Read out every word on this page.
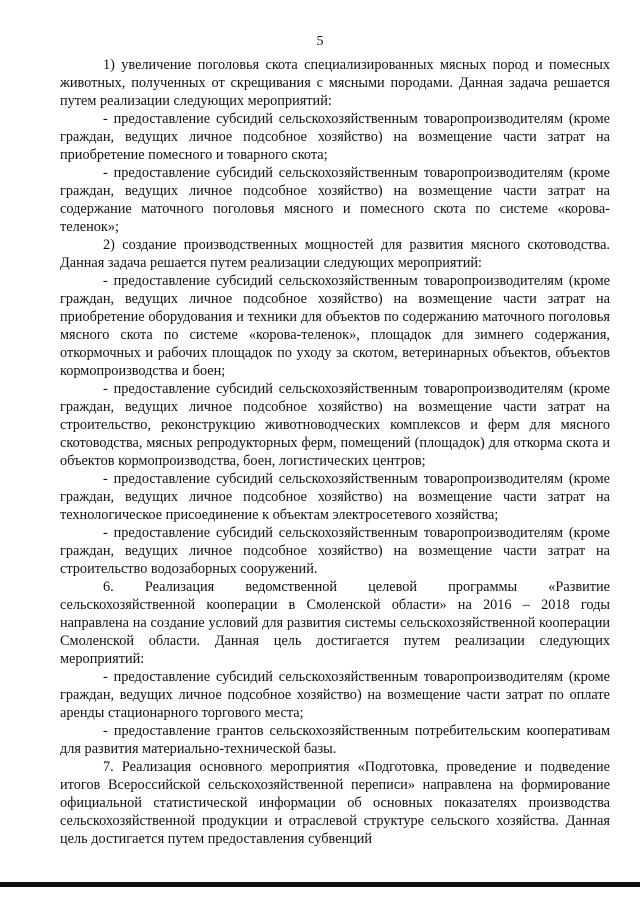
5

1) увеличение поголовья скота специализированных мясных пород и помесных животных, полученных от скрещивания с мясными породами. Данная задача решается путем реализации следующих мероприятий:

- предоставление субсидий сельскохозяйственным товаропроизводителям (кроме граждан, ведущих личное подсобное хозяйство) на возмещение части затрат на приобретение помесного и товарного скота;

- предоставление субсидий сельскохозяйственным товаропроизводителям (кроме граждан, ведущих личное подсобное хозяйство) на возмещение части затрат на содержание маточного поголовья мясного и помесного скота по системе «корова-теленок»;

2) создание производственных мощностей для развития мясного скотоводства. Данная задача решается путем реализации следующих мероприятий:

- предоставление субсидий сельскохозяйственным товаропроизводителям (кроме граждан, ведущих личное подсобное хозяйство) на возмещение части затрат на приобретение оборудования и техники для объектов по содержанию маточного поголовья мясного скота по системе «корова-теленок», площадок для зимнего содержания, откормочных и рабочих площадок по уходу за скотом, ветеринарных объектов, объектов кормопроизводства и боен;

- предоставление субсидий сельскохозяйственным товаропроизводителям (кроме граждан, ведущих личное подсобное хозяйство) на возмещение части затрат на строительство, реконструкцию животноводческих комплексов и ферм для мясного скотоводства, мясных репродукторных ферм, помещений (площадок) для откорма скота и объектов кормопроизводства, боен, логистических центров;

- предоставление субсидий сельскохозяйственным товаропроизводителям (кроме граждан, ведущих личное подсобное хозяйство) на возмещение части затрат на технологическое присоединение к объектам электросетевого хозяйства;

- предоставление субсидий сельскохозяйственным товаропроизводителям (кроме граждан, ведущих личное подсобное хозяйство) на возмещение части затрат на строительство водозаборных сооружений.

6. Реализация ведомственной целевой программы «Развитие сельскохозяйственной кооперации в Смоленской области» на 2016 – 2018 годы направлена на создание условий для развития системы сельскохозяйственной кооперации Смоленской области. Данная цель достигается путем реализации следующих мероприятий:

- предоставление субсидий сельскохозяйственным товаропроизводителям (кроме граждан, ведущих личное подсобное хозяйство) на возмещение части затрат по оплате аренды стационарного торгового места;

- предоставление грантов сельскохозяйственным потребительским кооперативам для развития материально-технической базы.

7. Реализация основного мероприятия «Подготовка, проведение и подведение итогов Всероссийской сельскохозяйственной переписи» направлена на формирование официальной статистической информации об основных показателях производства сельскохозяйственной продукции и отраслевой структуре сельского хозяйства. Данная цель достигается путем предоставления субвенций
